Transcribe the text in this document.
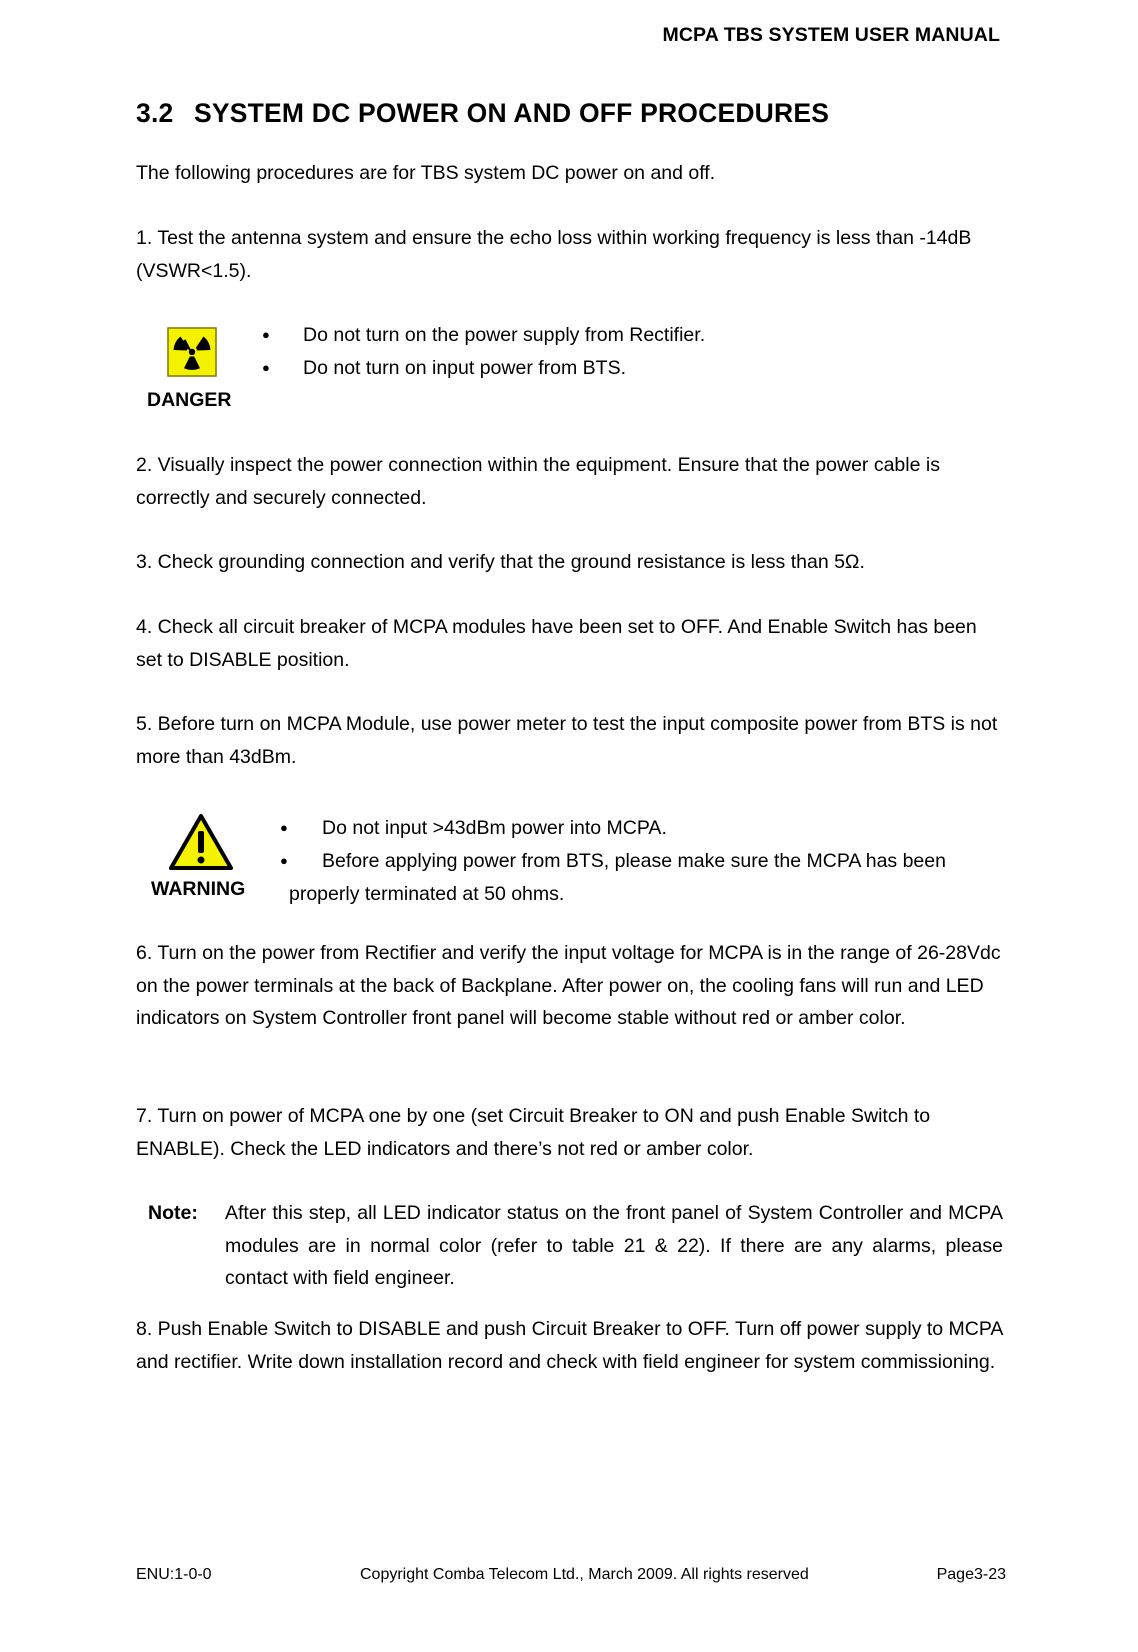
MCPA TBS SYSTEM USER MANUAL
3.2 SYSTEM DC POWER ON AND OFF PROCEDURES

The following procedures are for TBS system DC power on and off.

1. Test the antenna system and ensure the echo loss within working frequency is less than -14dB (VSWR<1.5).

DANGER
● Do not turn on the power supply from Rectifier.

● Do not turn on input power from BTS.

2. Visually inspect the power connection within the equipment. Ensure that the power cable is correctly and securely connected.

3. Check grounding connection and verify that the ground resistance is less than 5Ω.

4. Check all circuit breaker of MCPA modules have been set to OFF. And Enable Switch has been set to DISABLE position.

5. Before turn on MCPA Module, use power meter to test the input composite power from BTS is not more than 43dBm.

WARNING
● Do not input >43dBm power into MCPA.

● Before applying power from BTS, please make sure the MCPA has been

properly terminated at 50 ohms.

6. Turn on the power from Rectifier and verify the input voltage for MCPA is in the range of 26-28Vdc on the power terminals at the back of Backplane. After power on, the cooling fans will run and LED indicators on System Controller front panel will become stable without red or amber color.

7. Turn on power of MCPA one by one (set Circuit Breaker to ON and push Enable Switch to ENABLE). Check the LED indicators and there’s not red or amber color.

Note: After this step, all LED indicator status on the front panel of System Controller and MCPA modules are in normal color (refer to table 21 & 22). If there are any alarms, please contact with field engineer.

8. Push Enable Switch to DISABLE and push Circuit Breaker to OFF. Turn off power supply to MCPA and rectifier. Write down installation record and check with field engineer for system commissioning.

ENU:1-0-0	Copyright Comba Telecom Ltd., March 2009. All rights reserved	Page3-23
